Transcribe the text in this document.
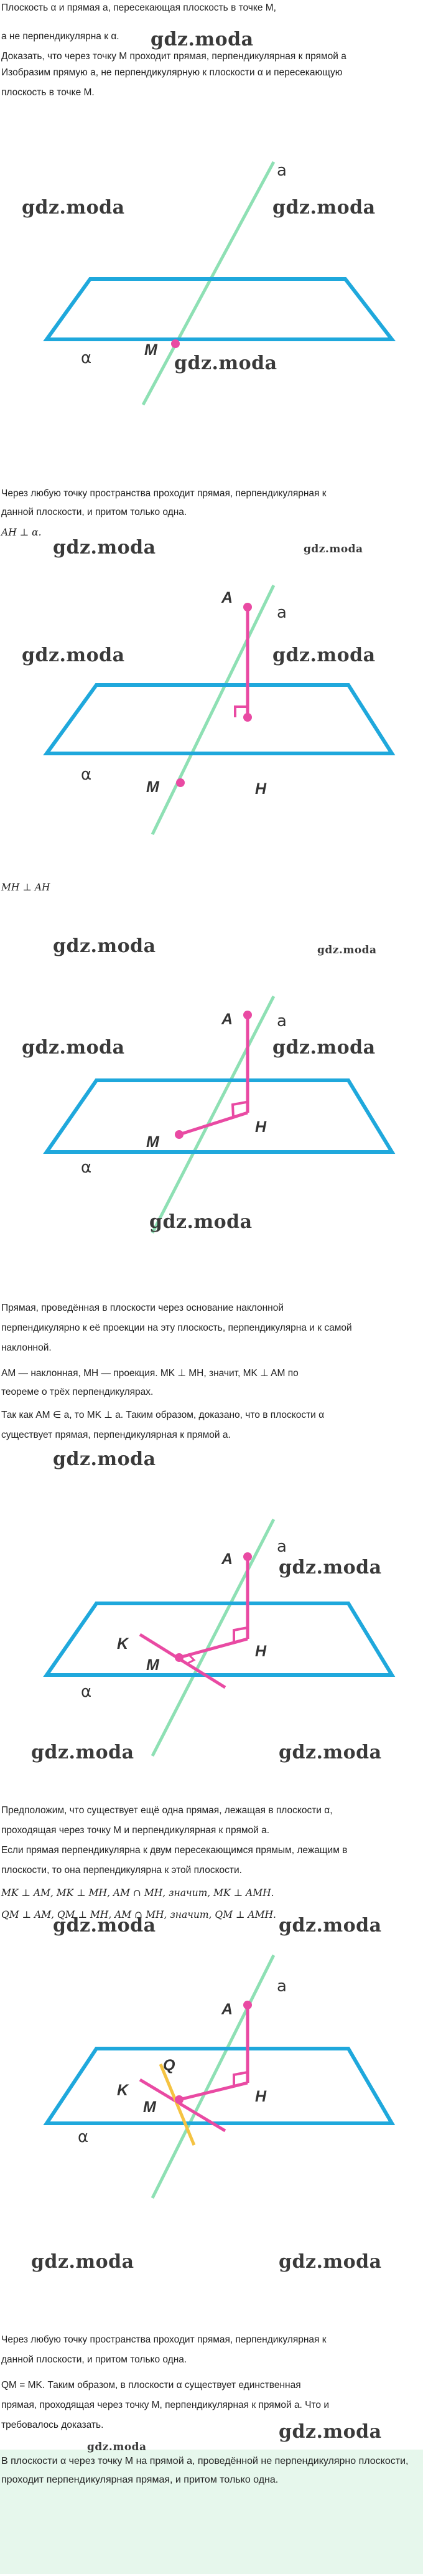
Плоскость α и прямая a, пересекающая плоскость в точке M,
a не перпендикулярна к α.
Доказать, что через точку M проходит прямая, перпендикулярная к прямой a
Изобразим прямую a, не перпендикулярную к плоскости α и пересекающую
плоскость в точке M.
gdz.moda
a
α	M
gdz.moda	gdz.moda
gdz.moda
Через любую точку пространства проходит прямая, перпендикулярная к
данной плоскости, и притом только одна.
AH ⊥ α.
gdz.moda	gdz.moda
a
α
A
H
M
gdz.moda	gdz.moda
MH ⊥ AH
gdz.moda	gdz.moda
a
α
A
H
M
gdz.moda	gdz.moda
gdz.moda
Прямая, проведённая в плоскости через основание наклонной
перпендикулярно к её проекции на эту плоскость, перпендикулярна и к самой
наклонной.
AM — наклонная, MH — проекция. MK ⊥ MH, значит, MK ⊥ AM по
теореме о трёх перпендикулярах.
Так как AM ∈ a, то MK ⊥ a. Таким образом, доказано, что в плоскости α
существует прямая, перпендикулярная к прямой a.
gdz.moda
a
α
A
H
M
K
gdz.moda
gdz.moda	gdz.moda
Предположим, что существует ещё одна прямая, лежащая в плоскости α,
проходящая через точку M и перпендикулярная к прямой a.
Если прямая перпендикулярна к двум пересекающимся прямым, лежащим в
плоскости, то она перпендикулярна к этой плоскости.
MK ⊥ AM, MK ⊥ MH, AM ∩ MH, значит, MK ⊥ AMH.
QM ⊥ AM, QM ⊥ MH, AM ∩ MH, значит, QM ⊥ AMH.
gdz.moda	gdz.moda
a
α
A
H
M
K
Q
gdz.moda	gdz.moda
Через любую точку пространства проходит прямая, перпендикулярная к
данной плоскости, и притом только одна.
QM = MK. Таким образом, в плоскости α существует единственная
прямая, проходящая через точку M, перпендикулярная к прямой a. Что и
требовалось доказать.	gdz.moda
В плоскости α через точку M на прямой a, проведённой не перпендикулярно плоскости, проходит перпендикулярная прямая, и притом только одна.
gdz.moda
